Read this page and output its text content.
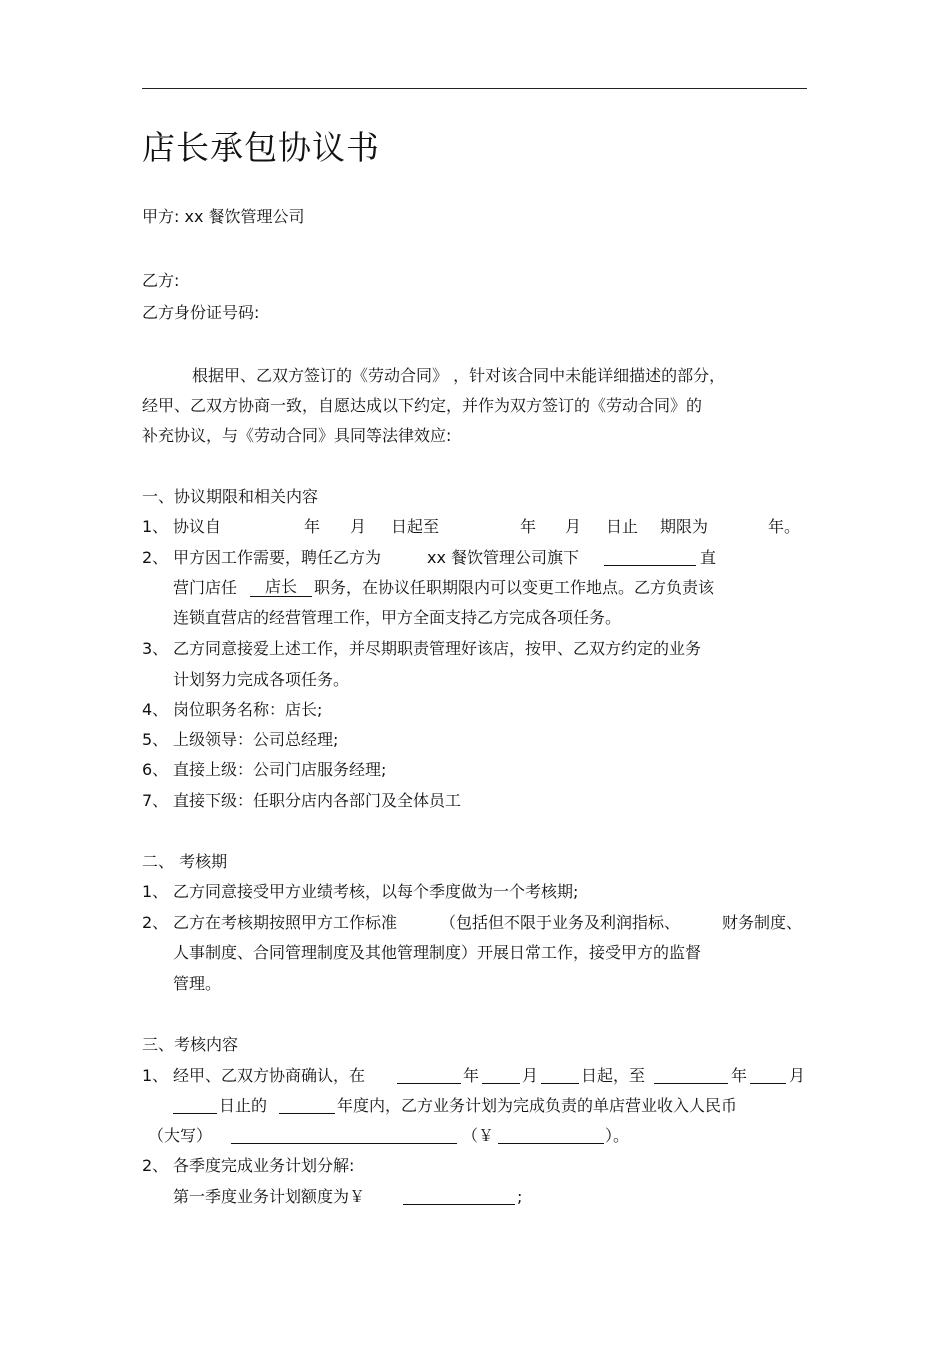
店长承包协议书
甲方: xx 餐饮管理公司
乙方:
乙方身份证号码:
根据甲、乙双方签订的《劳动合同》 ，针对该合同中未能详细描述的部分，
经甲、乙双方协商一致，自愿达成以下约定，并作为双方签订的《劳动合同》的
补充协议，与《劳动合同》具同等法律效应:
一、协议期限和相关内容
1、 协议自	年 月 日起至	年 月 日止 期限为	年。
2、 甲方因工作需要，聘任乙方为	xx 餐饮管理公司旗下	直
营门店任	店长	职务，在协议任职期限内可以变更工作地点。乙方负责该
连锁直营店的经营管理工作，甲方全面支持乙方完成各项任务。
3、 乙方同意接爱上述工作，并尽期职责管理好该店，按甲、乙双方约定的业务
计划努力完成各项任务。
4、 岗位职务名称：店长;
5、 上级领导：公司总经理;
6、 直接上级：公司门店服务经理;
7、 直接下级：任职分店内各部门及全体员工
二、 考核期
1、 乙方同意接受甲方业绩考核，以每个季度做为一个考核期;
2、 乙方在考核期按照甲方工作标准	（包括但不限于业务及利润指标、	财务制度、
人事制度、合同管理制度及其他管理制度）开展日常工作，接受甲方的监督
管理。
三、考核内容
1、 经甲、乙双方协商确认，在	年	月	日起，至	年	月
日止的	年度内，乙方业务计划为完成负责的单店营业收入人民币
（大写）	（￥	）。
2、 各季度完成业务计划分解:
第一季度业务计划额度为￥	;
